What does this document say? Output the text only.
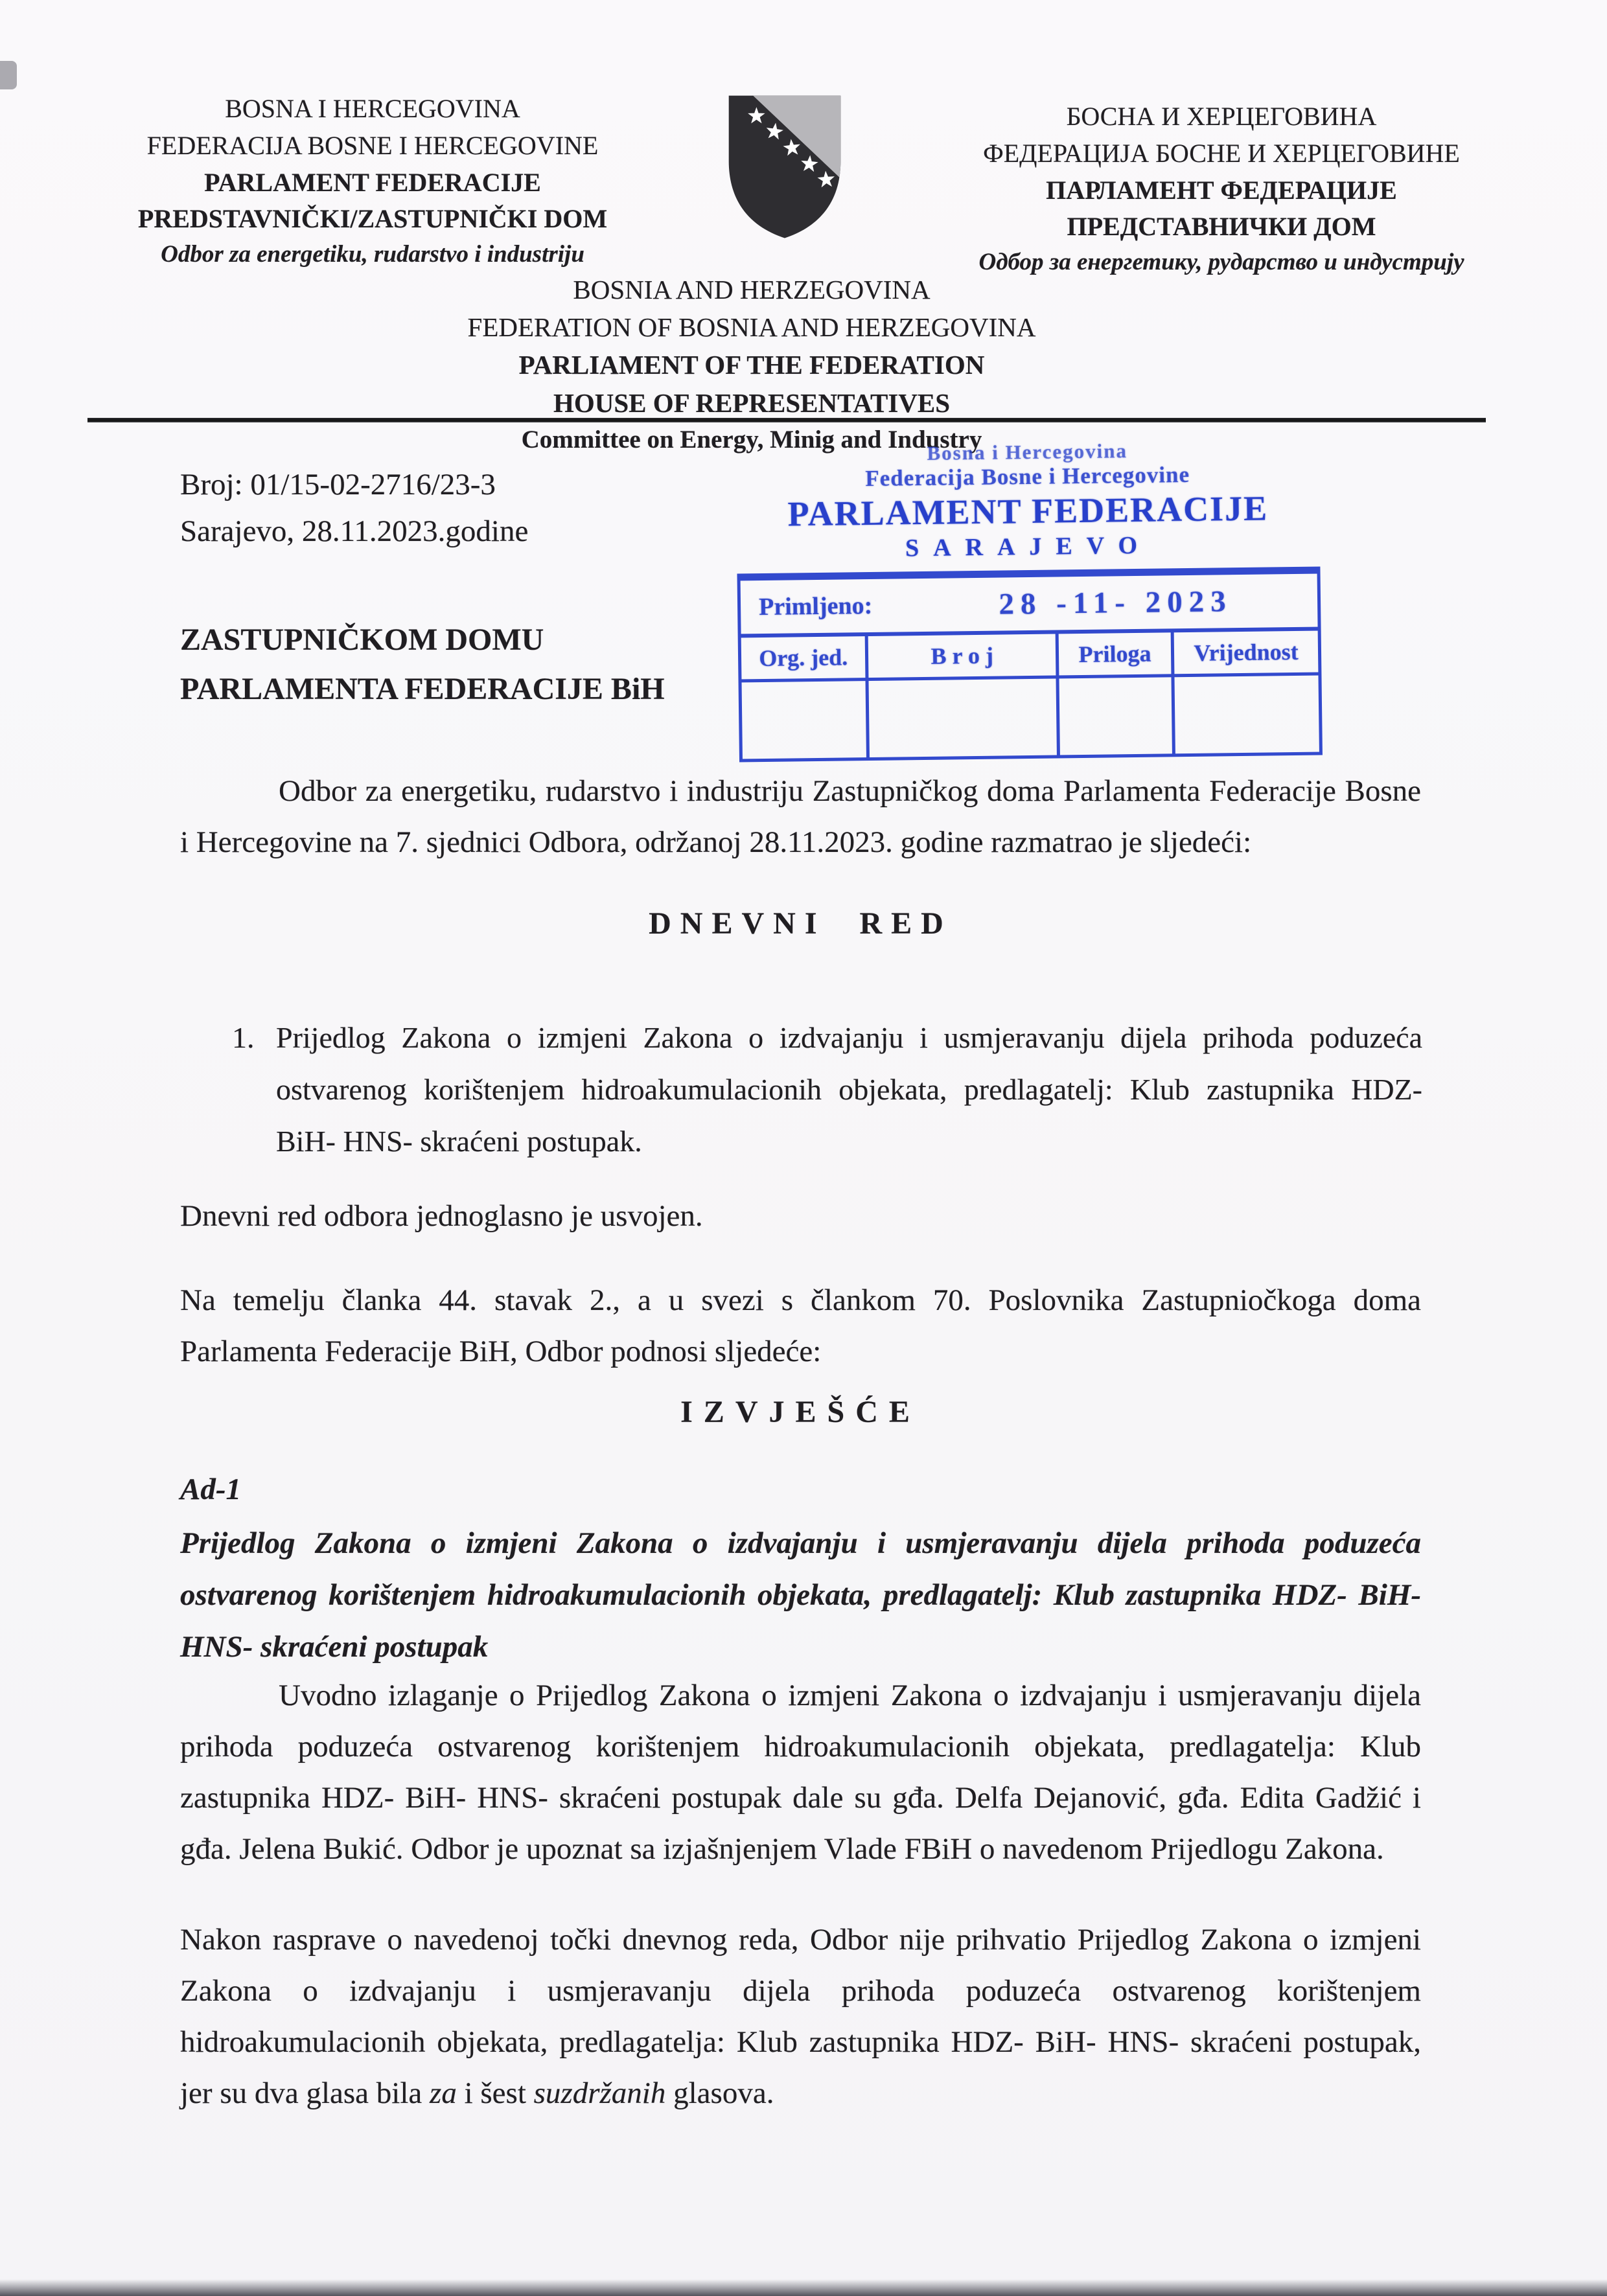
BOSNA I HERCEGOVINA
FEDERACIJA BOSNE I HERCEGOVINE
PARLAMENT FEDERACIJE
PREDSTAVNIČKI/ZASTUPNIČKI DOM
Odbor za energetiku, rudarstvo i industriju
БОСНА И ХЕРЦЕГОВИНА
ФЕДЕРАЦИЈА БОСНЕ И ХЕРЦЕГОВИНЕ
ПАРЛАМЕНТ ФЕДЕРАЦИЈЕ
ПРЕДСТАВНИЧКИ ДОМ
Одбор за енергетику, рударство и индустрију
BOSNIA AND HERZEGOVINA
FEDERATION OF BOSNIA AND HERZEGOVINA
PARLIAMENT OF THE FEDERATION
HOUSE OF REPRESENTATIVES
Committee on Energy, Minig and Industry
Broj: 01/15-02-2716/23-3
Sarajevo, 28.11.2023.godine
Bosna i Hercegovina
Federacija Bosne i Hercegovine
PARLAMENT FEDERACIJE
SARAJEVO
Primljeno:	28 -11- 2023
Org. jed.	B r o j	Priloga	Vrijednost
ZASTUPNIČKOM DOMU
PARLAMENTA FEDERACIJE BiH
Odbor za energetiku, rudarstvo i industriju Zastupničkog doma Parlamenta Federacije Bosne i Hercegovine na 7. sjednici Odbora, održanoj 28.11.2023. godine razmatrao je sljedeći:
DNEVNI RED
1. Prijedlog Zakona o izmjeni Zakona o izdvajanju i usmjeravanju dijela prihoda poduzeća ostvarenog korištenjem hidroakumulacionih objekata, predlagatelj: Klub zastupnika HDZ- BiH- HNS- skraćeni postupak.
Dnevni red odbora jednoglasno je usvojen.
Na temelju članka 44. stavak 2., a u svezi s člankom 70. Poslovnika Zastupniočkoga doma Parlamenta Federacije BiH, Odbor podnosi sljedeće:
IZVJEŠĆE
Ad-1
Prijedlog Zakona o izmjeni Zakona o izdvajanju i usmjeravanju dijela prihoda poduzeća ostvarenog korištenjem hidroakumulacionih objekata, predlagatelj: Klub zastupnika HDZ- BiH- HNS- skraćeni postupak
Uvodno izlaganje o Prijedlog Zakona o izmjeni Zakona o izdvajanju i usmjeravanju dijela prihoda poduzeća ostvarenog korištenjem hidroakumulacionih objekata, predlagatelja: Klub zastupnika HDZ- BiH- HNS- skraćeni postupak dale su gđa. Delfa Dejanović, gđa. Edita Gadžić i gđa. Jelena Bukić. Odbor je upoznat sa izjašnjenjem Vlade FBiH o navedenom Prijedlogu Zakona.
Nakon rasprave o navedenoj točki dnevnog reda, Odbor nije prihvatio Prijedlog Zakona o izmjeni Zakona o izdvajanju i usmjeravanju dijela prihoda poduzeća ostvarenog korištenjem hidroakumulacionih objekata, predlagatelja: Klub zastupnika HDZ- BiH- HNS- skraćeni postupak, jer su dva glasa bila za i šest suzdržanih glasova.
